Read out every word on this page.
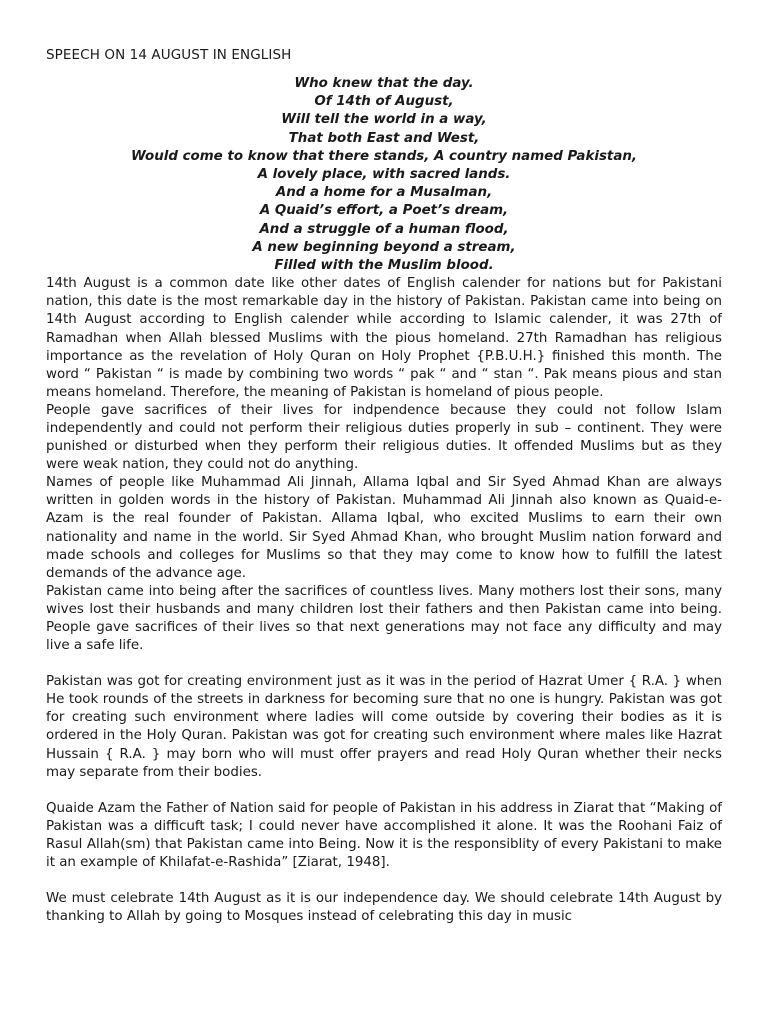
SPEECH ON 14 AUGUST IN ENGLISH
Who knew that the day.
Of 14th of August,
Will tell the world in a way,
That both East and West,
Would come to know that there stands, A country named Pakistan,
A lovely place, with sacred lands.
And a home for a Musalman,
A Quaid’s effort, a Poet’s dream,
And a struggle of a human flood,
A new beginning beyond a stream,
Filled with the Muslim blood.

14th August is a common date like other dates of English calender for nations but for Pakistani nation, this date is the most remarkable day in the history of Pakistan. Pakistan came into being on 14th August according to English calender while according to Islamic calender, it was 27th of Ramadhan when Allah blessed Muslims with the pious homeland. 27th Ramadhan has religious importance as the revelation of Holy Quran on Holy Prophet {P.B.U.H.} finished this month. The word “ Pakistan “ is made by combining two words “ pak “ and “ stan “. Pak means pious and stan means homeland. Therefore, the meaning of Pakistan is homeland of pious people.

People gave sacrifices of their lives for indpendence because they could not follow Islam independently and could not perform their religious duties properly in sub – continent. They were punished or disturbed when they perform their religious duties. It offended Muslims but as they were weak nation, they could not do anything.

Names of people like Muhammad Ali Jinnah, Allama Iqbal and Sir Syed Ahmad Khan are always written in golden words in the history of Pakistan. Muhammad Ali Jinnah also known as Quaid-e-Azam is the real founder of Pakistan. Allama Iqbal, who excited Muslims to earn their own nationality and name in the world. Sir Syed Ahmad Khan, who brought Muslim nation forward and made schools and colleges for Muslims so that they may come to know how to fulfill the latest demands of the advance age.

Pakistan came into being after the sacrifices of countless lives. Many mothers lost their sons, many wives lost their husbands and many children lost their fathers and then Pakistan came into being. People gave sacrifices of their lives so that next generations may not face any difficulty and may live a safe life.

Pakistan was got for creating environment just as it was in the period of Hazrat Umer { R.A. } when He took rounds of the streets in darkness for becoming sure that no one is hungry. Pakistan was got for creating such environment where ladies will come outside by covering their bodies as it is ordered in the Holy Quran. Pakistan was got for creating such environment where males like Hazrat Hussain { R.A. } may born who will must offer prayers and read Holy Quran whether their necks may separate from their bodies.

Quaide Azam the Father of Nation said for people of Pakistan in his address in Ziarat that “Making of Pakistan was a difficuft task; I could never have accomplished it alone. It was the Roohani Faiz of Rasul Allah(sm) that Pakistan came into Being. Now it is the responsiblity of every Pakistani to make it an example of Khilafat-e-Rashida” [Ziarat, 1948].

We must celebrate 14th August as it is our independence day. We should celebrate 14th August by thanking to Allah by going to Mosques instead of celebrating this day in music
